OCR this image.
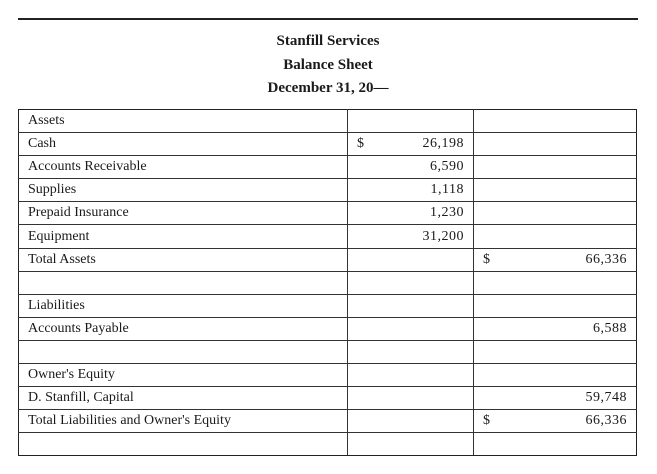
Stanfill Services
Balance Sheet
December 31, 20—
Assets		
Cash	$ 26,198	
Accounts Receivable	6,590	
Supplies	1,118	
Prepaid Insurance	1,230	
Equipment	31,200	
Total Assets		$ 66,336

Liabilities		
Accounts Payable		6,588

Owner's Equity		
D. Stanfill, Capital		59,748
Total Liabilities and Owner's Equity		$ 66,336
